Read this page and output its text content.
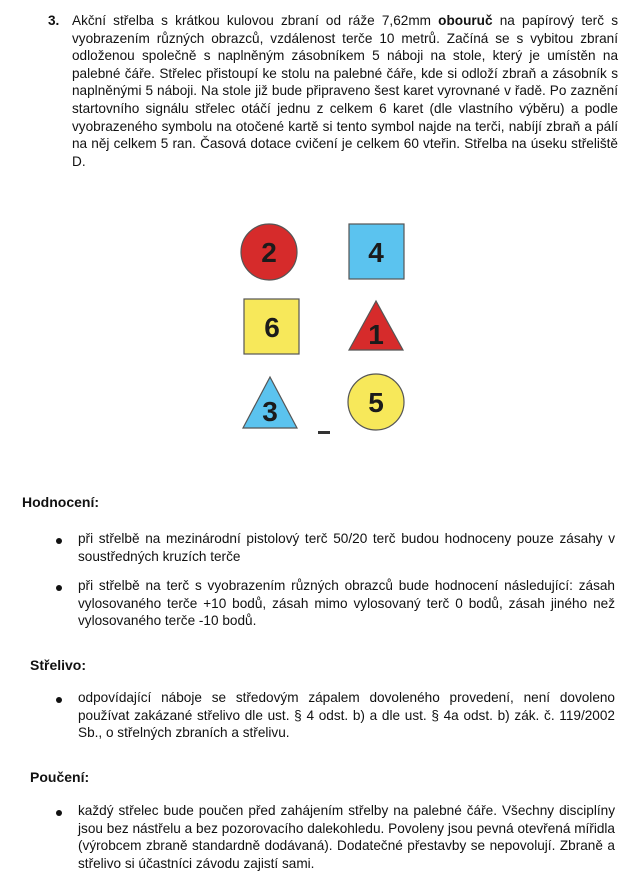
3. Akční střelba s krátkou kulovou zbraní od ráže 7,62mm obouruč na papírový terč s vyobrazením různých obrazců, vzdálenost terče 10 metrů. Začíná se s vybitou zbraní odloženou společně s naplněným zásobníkem 5 náboji na stole, který je umístěn na palebné čáře. Střelec přistoupí ke stolu na palebné čáře, kde si odloží zbraň a zásobník s naplněnými 5 náboji. Na stole již bude připraveno šest karet vyrovnané v řadě. Po zaznění startovního signálu střelec otáčí jednu z celkem 6 karet (dle vlastního výběru) a podle vyobrazeného symbolu na otočené kartě si tento symbol najde na terči, nabíjí zbraň a pálí na něj celkem 5 ran. Časová dotace cvičení je celkem 60 vteřin. Střelba na úseku střeliště D.
2	4
6	1
3	5
Hodnocení:
při střelbě na mezinárodní pistolový terč 50/20 terč budou hodnoceny pouze zásahy v soustředných kruzích terče
při střelbě na terč s vyobrazením různých obrazců bude hodnocení následující: zásah vylosovaného terče +10 bodů, zásah mimo vylosovaný terč 0 bodů, zásah jiného než vylosovaného terče -10 bodů.
Střelivo:
odpovídající náboje se středovým zápalem dovoleného provedení, není dovoleno používat zakázané střelivo dle ust. § 4 odst. b) a dle ust. § 4a odst. b) zák. č. 119/2002 Sb., o střelných zbraních a střelivu.
Poučení:
každý střelec bude poučen před zahájením střelby na palebné čáře. Všechny disciplíny jsou bez nástřelu a bez pozorovacího dalekohledu. Povoleny jsou pevná otevřená mířidla (výrobcem zbraně standardně dodávaná). Dodatečné přestavby se nepovolují. Zbraně a střelivo si účastníci závodu zajistí sami.
